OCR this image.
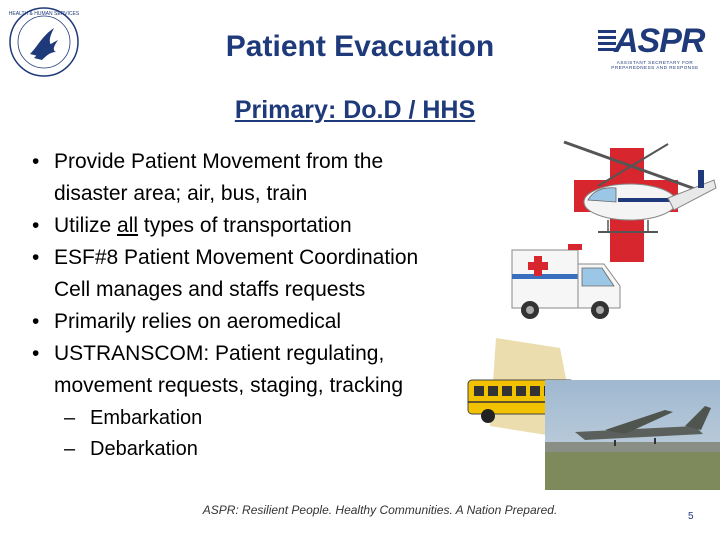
HEALTH & HUMAN SERVICES
Patient Evacuation	ASPR
ASSISTANT SECRETARY FOR PREPAREDNESS AND RESPONSE
Primary: Do.D / HHS
• Provide Patient Movement from the
disaster area; air, bus, train
• Utilize all types of transportation
• ESF#8 Patient Movement Coordination
Cell manages and staffs requests
• Primarily relies on aeromedical
• USTRANSCOM: Patient regulating,
movement requests, staging, tracking
– Embarkation
– Debarkation
ASPR: Resilient People. Healthy Communities. A Nation Prepared.	5
